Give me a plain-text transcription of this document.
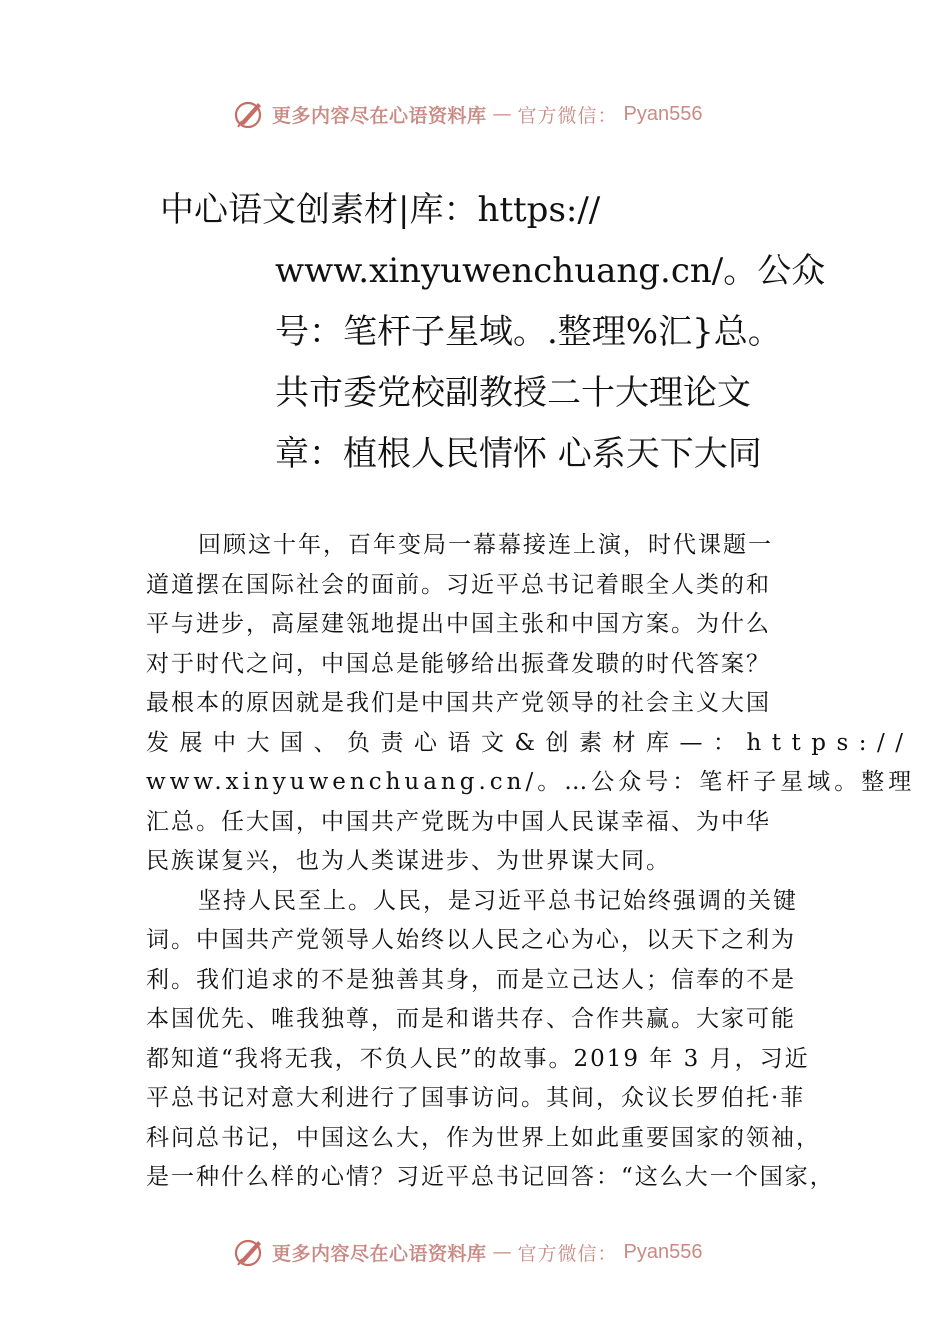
更多内容尽在心语资料库 — 官方微信： Pyan556
中心语文创素材|库：https://
www.xinyuwenchuang.cn/。公众
号：笔杆子星域。.整理%汇}总。
共市委党校副教授二十大理论文
章：植根人民情怀 心系天下大同
回顾这十年，百年变局一幕幕接连上演，时代课题一
道道摆在国际社会的面前。习近平总书记着眼全人类的和
平与进步，高屋建瓴地提出中国主张和中国方案。为什么
对于时代之问，中国总是能够给出振聋发聩的时代答案？
最根本的原因就是我们是中国共产党领导的社会主义大国
发展中大国、负责心语文&创素材库—：https://
www.xinyuwenchuang.cn/。…公众号：笔杆子星域。整理
汇总。任大国，中国共产党既为中国人民谋幸福、为中华
民族谋复兴，也为人类谋进步、为世界谋大同。
坚持人民至上。人民，是习近平总书记始终强调的关键
词。中国共产党领导人始终以人民之心为心，以天下之利为
利。我们追求的不是独善其身，而是立己达人；信奉的不是
本国优先、唯我独尊，而是和谐共存、合作共赢。大家可能
都知道“我将无我，不负人民”的故事。2019 年 3 月，习近
平总书记对意大利进行了国事访问。其间，众议长罗伯托·菲
科问总书记，中国这么大，作为世界上如此重要国家的领袖，
是一种什么样的心情？习近平总书记回答：“这么大一个国家，
更多内容尽在心语资料库 — 官方微信： Pyan556
